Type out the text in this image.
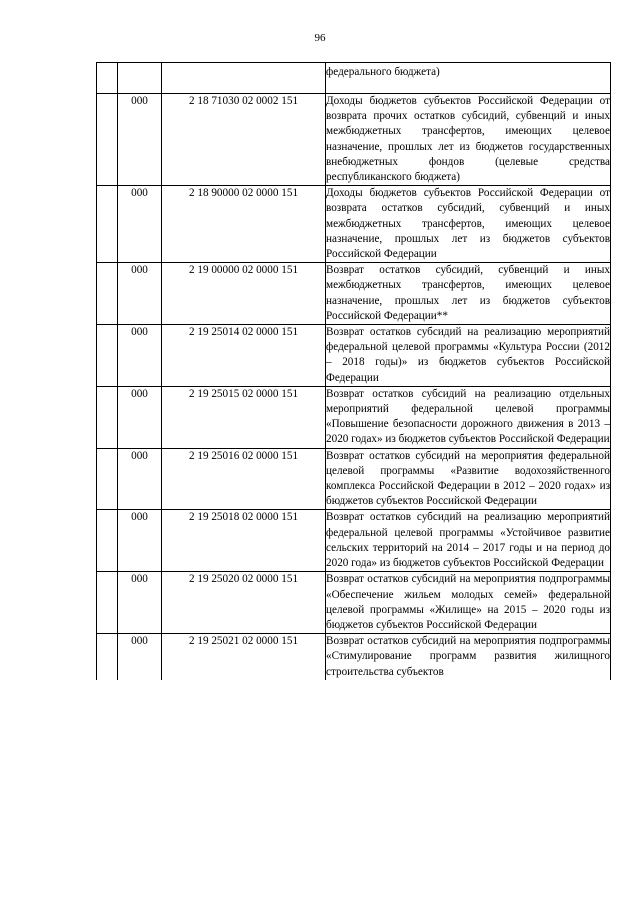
96
			федерального бюджета)
	000	2 18 71030 02 0002 151	Доходы бюджетов субъектов Российской Федерации от возврата прочих остатков субсидий, субвенций и иных межбюджетных трансфертов, имеющих целевое назначение, прошлых лет из бюджетов государственных внебюджетных фондов (целевые средства республиканского бюджета)
	000	2 18 90000 02 0000 151	Доходы бюджетов субъектов Российской Федерации от возврата остатков субсидий, субвенций и иных межбюджетных трансфертов, имеющих целевое назначение, прошлых лет из бюджетов субъектов Российской Федерации
	000	2 19 00000 02 0000 151	Возврат остатков субсидий, субвенций и иных межбюджетных трансфертов, имеющих целевое назначение, прошлых лет из бюджетов субъектов Российской Федерации**
	000	2 19 25014 02 0000 151	Возврат остатков субсидий на реализацию мероприятий федеральной целевой программы «Культура России (2012 – 2018 годы)» из бюджетов субъектов Российской Федерации
	000	2 19 25015 02 0000 151	Возврат остатков субсидий на реализацию отдельных мероприятий федеральной целевой программы «Повышение безопасности дорожного движения в 2013 – 2020 годах» из бюджетов субъектов Российской Федерации
	000	2 19 25016 02 0000 151	Возврат остатков субсидий на мероприятия федеральной целевой программы «Развитие водохозяйственного комплекса Российской Федерации в 2012 – 2020 годах» из бюджетов субъектов Российской Федерации
	000	2 19 25018 02 0000 151	Возврат остатков субсидий на реализацию мероприятий федеральной целевой программы «Устойчивое развитие сельских территорий на 2014 – 2017 годы и на период до 2020 года» из бюджетов субъектов Российской Федерации
	000	2 19 25020 02 0000 151	Возврат остатков субсидий на мероприятия подпрограммы «Обеспечение жильем молодых семей» федеральной целевой программы «Жилище» на 2015 – 2020 годы из бюджетов субъектов Российской Федерации
	000	2 19 25021 02 0000 151	Возврат остатков субсидий на мероприятия подпрограммы «Стимулирование программ развития жилищного строительства субъектов
